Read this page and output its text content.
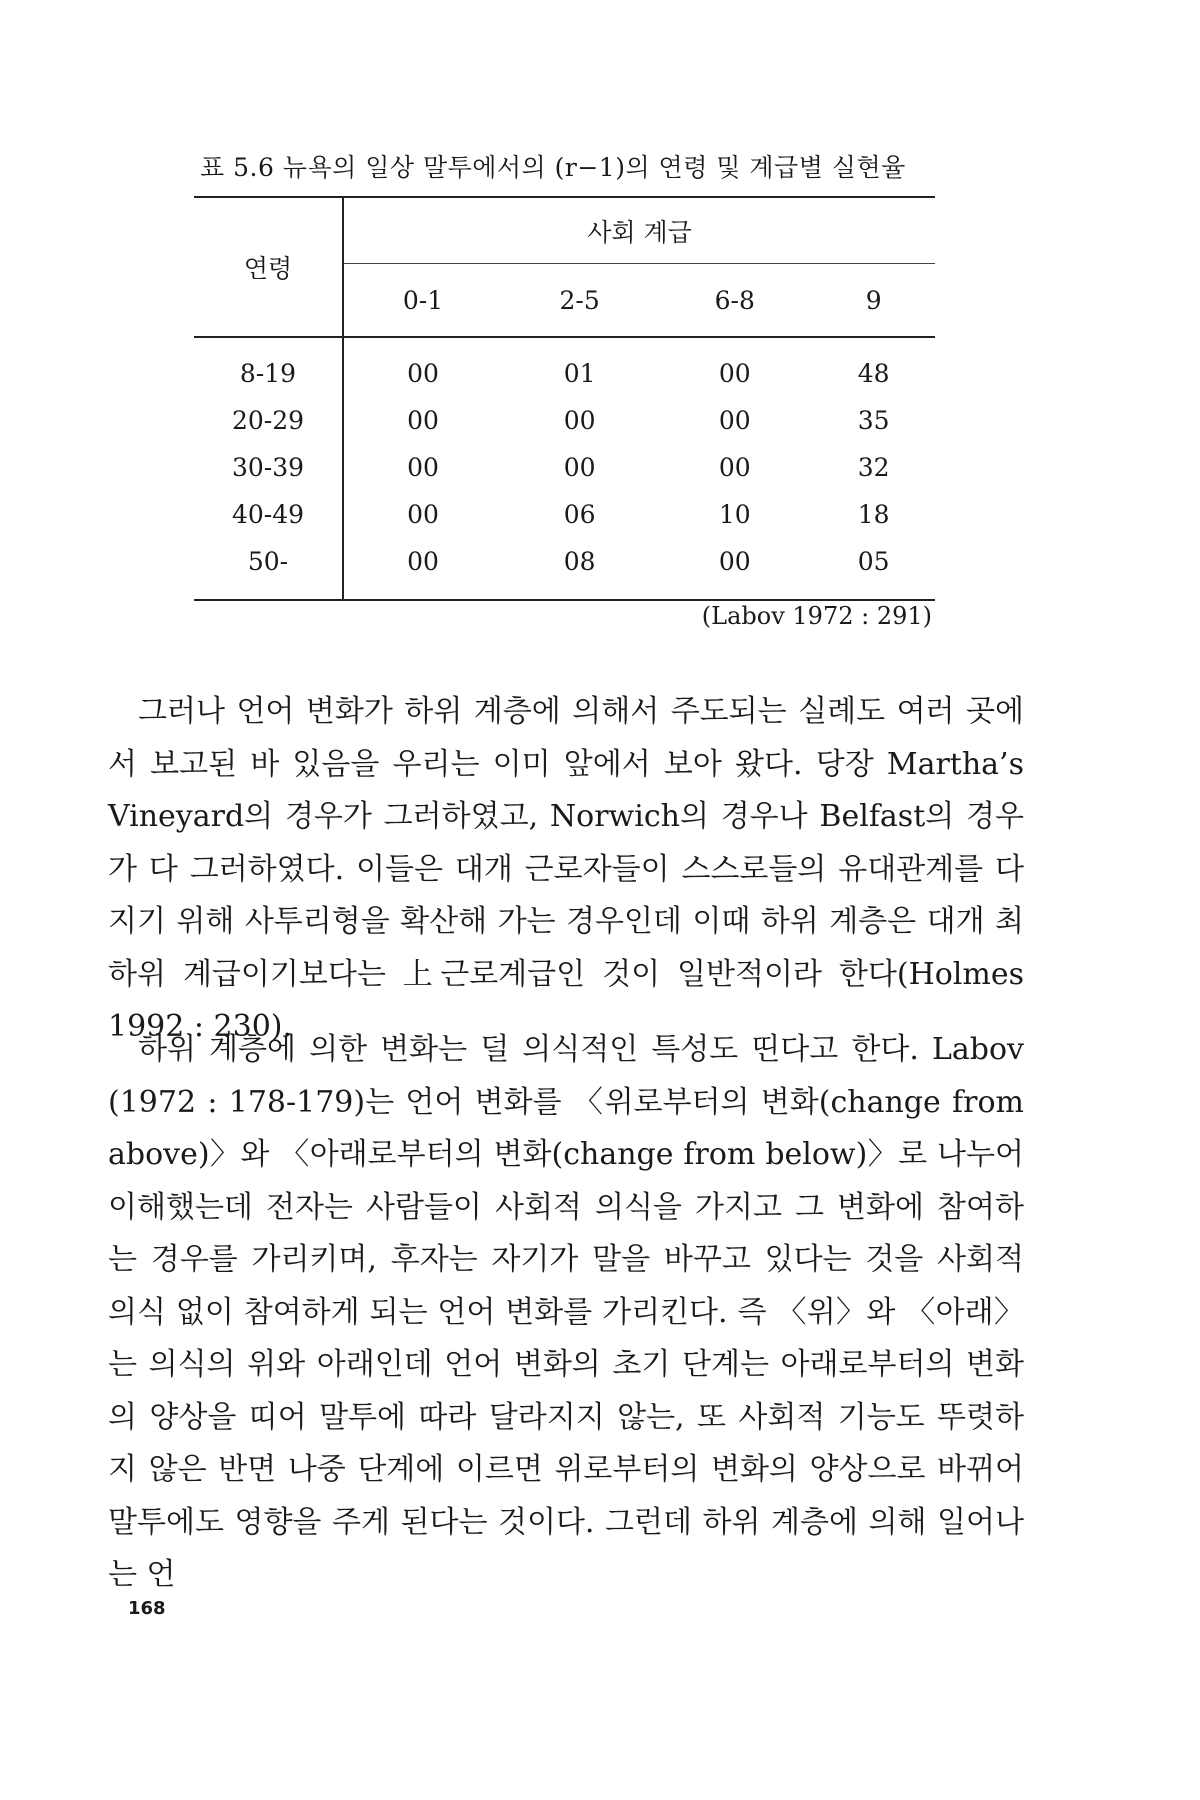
표 5.6 뉴욕의 일상 말투에서의 (r−1)의 연령 및 계급별 실현율
연령	사회 계급			
	0-1	2-5	6-8	9
8-19	00	01	00	48
20-29	00	00	00	35
30-39	00	00	00	32
40-49	00	06	10	18
50-	00	08	00	05
(Labov 1972 : 291)

그러나 언어 변화가 하위 계층에 의해서 주도되는 실례도 여러 곳에서 보고된 바 있음을 우리는 이미 앞에서 보아 왔다. 당장 Martha’s Vineyard의 경우가 그러하였고, Norwich의 경우나 Belfast의 경우가 다 그러하였다. 이들은 대개 근로자들이 스스로들의 유대관계를 다지기 위해 사투리형을 확산해 가는 경우인데 이때 하위 계층은 대개 최하위 계급이기보다는 上근로계급인 것이 일반적이라 한다(Holmes 1992 : 230).

하위 계층에 의한 변화는 덜 의식적인 특성도 띤다고 한다. Labov (1972 : 178-179)는 언어 변화를 〈위로부터의 변화(change from above)〉와 〈아래로부터의 변화(change from below)〉로 나누어 이해했는데 전자는 사람들이 사회적 의식을 가지고 그 변화에 참여하는 경우를 가리키며, 후자는 자기가 말을 바꾸고 있다는 것을 사회적 의식 없이 참여하게 되는 언어 변화를 가리킨다. 즉 〈위〉와 〈아래〉는 의식의 위와 아래인데 언어 변화의 초기 단계는 아래로부터의 변화의 양상을 띠어 말투에 따라 달라지지 않는, 또 사회적 기능도 뚜렷하지 않은 반면 나중 단계에 이르면 위로부터의 변화의 양상으로 바뀌어 말투에도 영향을 주게 된다는 것이다. 그런데 하위 계층에 의해 일어나는 언

168
